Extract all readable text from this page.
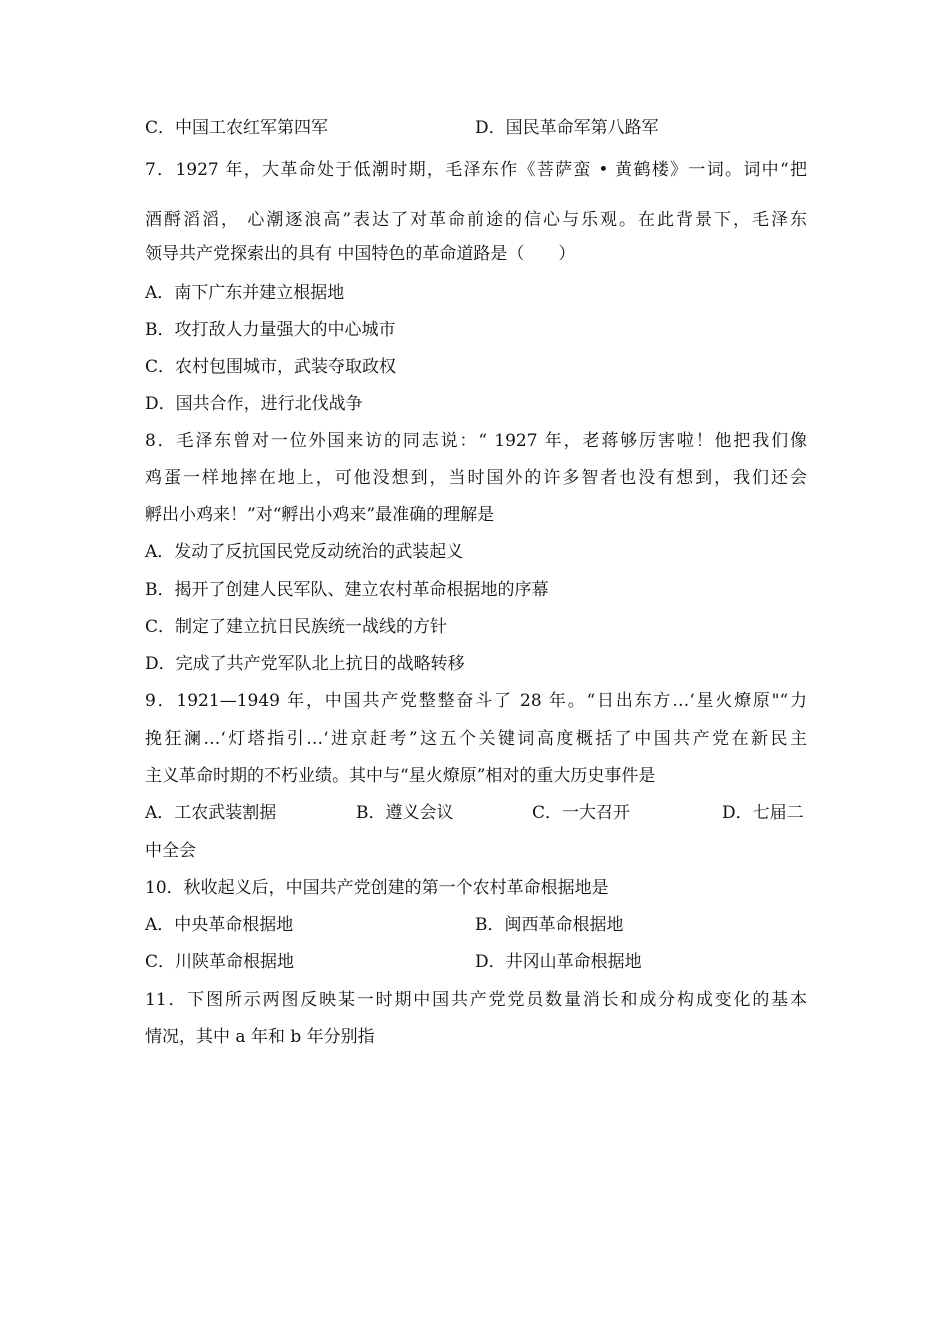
C．中国工农红军第四军	D．国民革命军第八路军
7．1927 年，大革命处于低潮时期，毛泽东作《菩萨蛮 • 黄鹤楼》一词。词中“把
酒酹滔滔， 心潮逐浪高”表达了对革命前途的信心与乐观。在此背景下，毛泽东
领导共产党探索出的具有 中国特色的革命道路是（　　）
A．南下广东并建立根据地
B．攻打敌人力量强大的中心城市
C．农村包围城市，武装夺取政权
D．国共合作，进行北伐战争
8．毛泽东曾对一位外国来访的同志说：“ 1927 年，老蒋够厉害啦！他把我们像
鸡蛋一样地摔在地上，可他没想到，当时国外的许多智者也没有想到，我们还会
孵出小鸡来！”对“孵出小鸡来”最准确的理解是
A．发动了反抗国民党反动统治的武装起义
B．揭开了创建人民军队、建立农村革命根据地的序幕
C．制定了建立抗日民族统一战线的方针
D．完成了共产党军队北上抗日的战略转移
9．1921—1949 年，中国共产党整整奋斗了 28 年。“日出东方…‘星火燎原"“力
挽狂澜…‘灯塔指引…‘进京赶考”这五个关键词高度概括了中国共产党在新民主
主义革命时期的不朽业绩。其中与“星火燎原”相对的重大历史事件是
A．工农武装割据	B．遵义会议	C．一大召开	D．七届二
中全会
10．秋收起义后，中国共产党创建的第一个农村革命根据地是
A．中央革命根据地	B．闽西革命根据地
C．川陕革命根据地	D．井冈山革命根据地
11．下图所示两图反映某一时期中国共产党党员数量消长和成分构成变化的基本
情况，其中 a 年和 b 年分别指
